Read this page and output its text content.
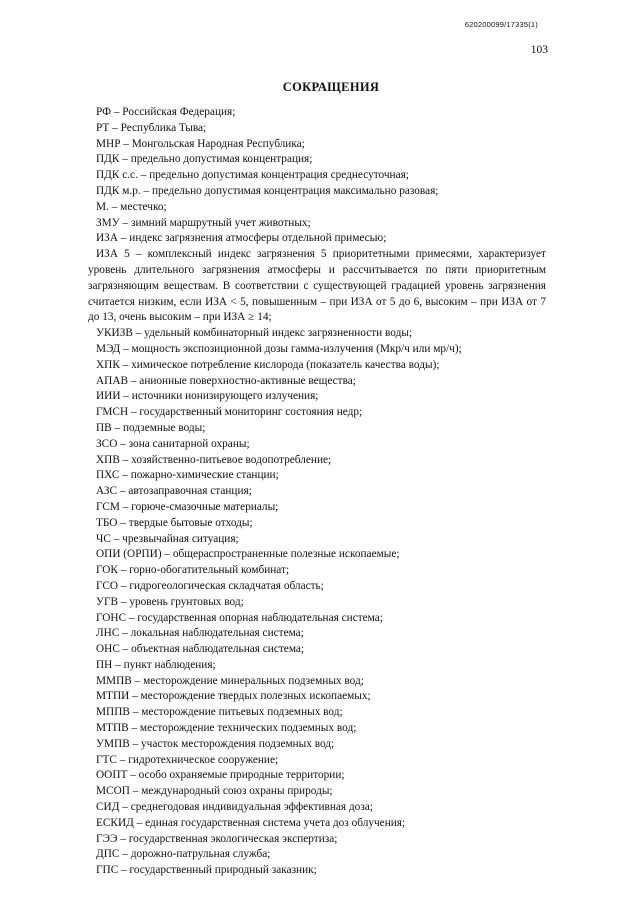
620200099/17335(1)
103
СОКРАЩЕНИЯ

РФ – Российская Федерация;

РТ – Республика Тыва;

МНР – Монгольская Народная Республика;

ПДК – предельно допустимая концентрация;

ПДК с.с. – предельно допустимая концентрация среднесуточная;

ПДК м.р. – предельно допустимая концентрация максимально разовая;

М. – местечко;

ЗМУ – зимний маршрутный учет животных;

ИЗА – индекс загрязнения атмосферы отдельной примесью;

ИЗА 5 – комплексный индекс загрязнения 5 приоритетными примесями, характеризует уровень длительного загрязнения атмосферы и рассчитывается по пяти приоритетным загрязняющим веществам. В соответствии с существующей градацией уровень загрязнения считается низким, если ИЗА < 5, повышенным – при ИЗА от 5 до 6, высоким – при ИЗА от 7 до 13, очень высоким – при ИЗА ≥ 14;

УКИЗВ – удельный комбинаторный индекс загрязненности воды;

МЭД – мощность экспозиционной дозы гамма-излучения (Мкр/ч или мр/ч);

ХПК – химическое потребление кислорода (показатель качества воды);

АПАВ – анионные поверхностно-активные вещества;

ИИИ – источники ионизирующего излучения;

ГМСН – государственный мониторинг состояния недр;

ПВ – подземные воды;

ЗСО – зона санитарной охраны;

ХПВ – хозяйственно-питьевое водопотребление;

ПХС – пожарно-химические станции;

АЗС – автозаправочная станция;

ГСМ – горюче-смазочные материалы;

ТБО – твердые бытовые отходы;

ЧС – чрезвычайная ситуация;

ОПИ (ОРПИ) – общераспространенные полезные ископаемые;

ГОК – горно-обогатительный комбинат;

ГСО – гидрогеологическая складчатая область;

УГВ – уровень грунтовых вод;

ГОНС – государственная опорная наблюдательная система;

ЛНС – локальная наблюдательная система;

ОНС – объектная наблюдательная система;

ПН – пункт наблюдения;

ММПВ – месторождение минеральных подземных вод;

МТПИ – месторождение твердых полезных ископаемых;

МППВ – месторождение питьевых подземных вод;

МТПВ – месторождение технических подземных вод;

УМПВ – участок месторождения подземных вод;

ГТС – гидротехническое сооружение;

ООПТ – особо охраняемые природные территории;

МСОП – международный союз охраны природы;

СИД – среднегодовая индивидуальная эффективная доза;

ЕСКИД – единая государственная система учета доз облучения;

ГЭЭ – государственная экологическая экспертиза;

ДПС – дорожно-патрульная служба;

ГПС – государственный природный заказник;
